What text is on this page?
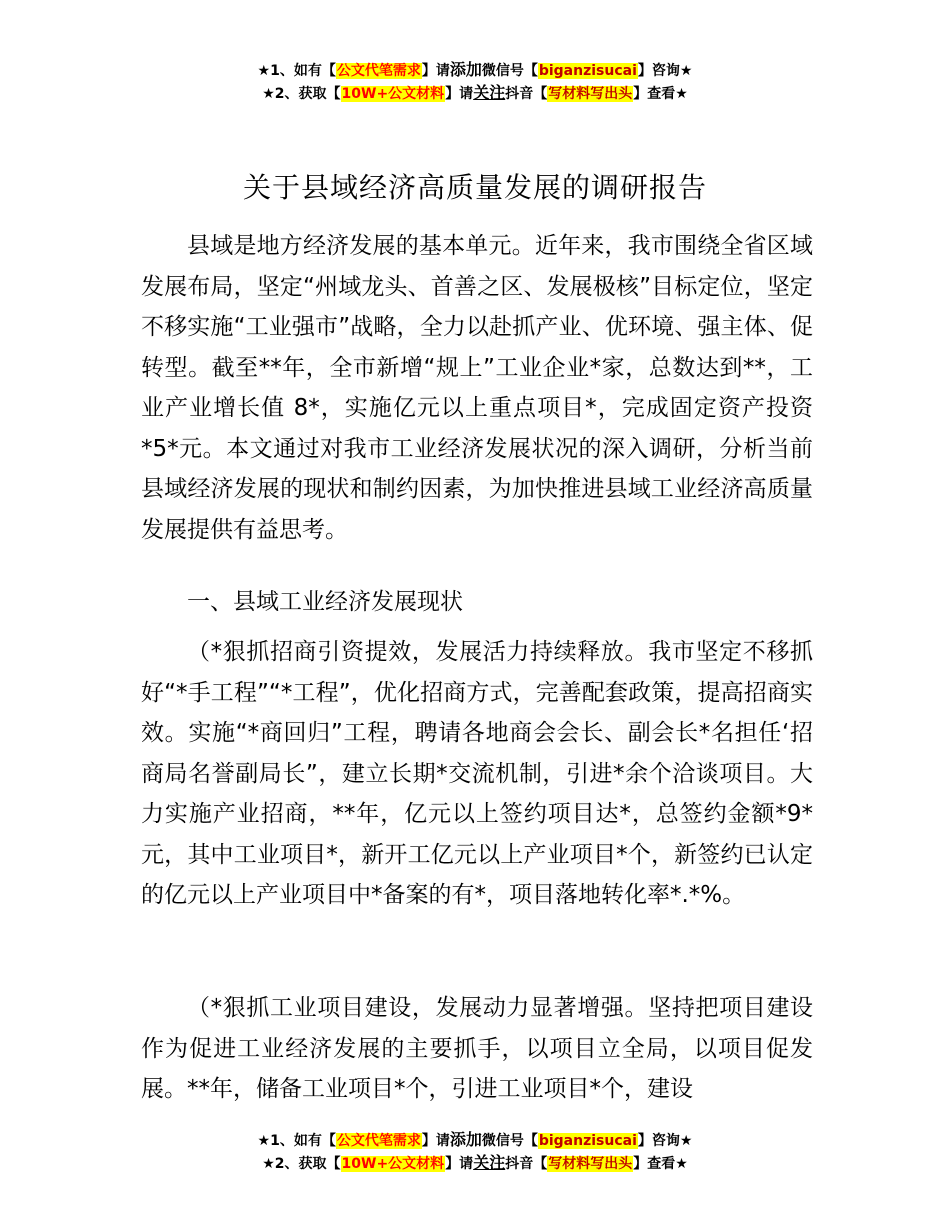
★1、如有【公文代笔需求】请添加微信号【biganzisucai】咨询★
★2、获取【10W+公文材料】请关注抖音【写材料写出头】查看★
关于县域经济高质量发展的调研报告

县域是地方经济发展的基本单元。近年来，我市围绕全省区域发展布局，坚定“州域龙头、首善之区、发展极核”目标定位，坚定不移实施“工业强市”战略，全力以赴抓产业、优环境、强主体、促转型。截至**年，全市新增“规上”工业企业*家，总数达到**，工业产业增长值 8*，实施亿元以上重点项目*，完成固定资产投资*5*元。本文通过对我市工业经济发展状况的深入调研，分析当前县域经济发展的现状和制约因素，为加快推进县域工业经济高质量发展提供有益思考。

一、县域工业经济发展现状

（*狠抓招商引资提效，发展活力持续释放。我市坚定不移抓好“*手工程”“*工程”，优化招商方式，完善配套政策，提高招商实效。实施“*商回归”工程，聘请各地商会会长、副会长*名担任‘招商局名誉副局长”，建立长期*交流机制，引进*余个洽谈项目。大力实施产业招商，**年，亿元以上签约项目达*，总签约金额*9*元，其中工业项目*，新开工亿元以上产业项目*个，新签约已认定的亿元以上产业项目中*备案的有*，项目落地转化率*.*%。

（*狠抓工业项目建设，发展动力显著增强。坚持把项目建设作为促进工业经济发展的主要抓手，以项目立全局，以项目促发展。**年，储备工业项目*个，引进工业项目*个，建设

★1、如有【公文代笔需求】请添加微信号【biganzisucai】咨询★
★2、获取【10W+公文材料】请关注抖音【写材料写出头】查看★
